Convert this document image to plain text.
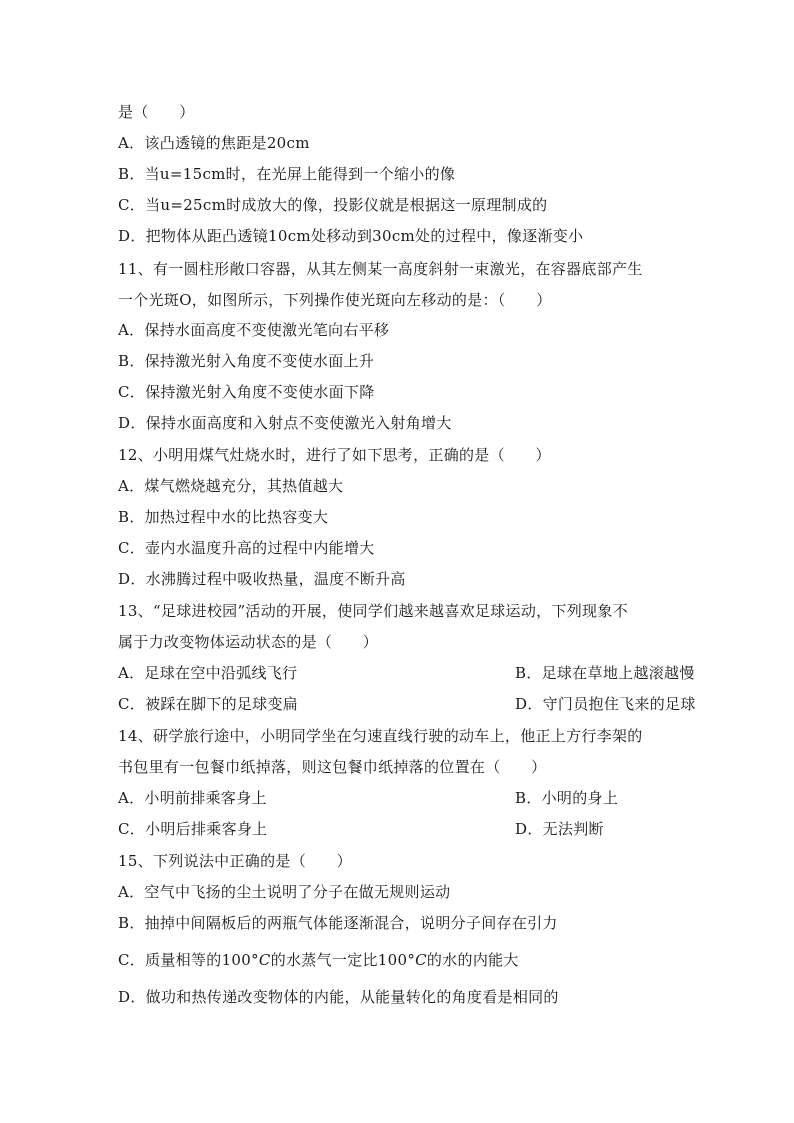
是（　　）
A．该凸透镜的焦距是20cm
B．当u=15cm时，在光屏上能得到一个缩小的像
C．当u=25cm时成放大的像，投影仪就是根据这一原理制成的
D．把物体从距凸透镜10cm处移动到30cm处的过程中，像逐渐变小
11、有一圆柱形敞口容器，从其左侧某一高度斜射一束激光，在容器底部产生
一个光斑O，如图所示，下列操作使光斑向左移动的是：（　　）
A．保持水面高度不变使激光笔向右平移
B．保持激光射入角度不变使水面上升
C．保持激光射入角度不变使水面下降
D．保持水面高度和入射点不变使激光入射角增大
12、小明用煤气灶烧水时，进行了如下思考，正确的是（　　）
A．煤气燃烧越充分，其热值越大
B．加热过程中水的比热容变大
C．壶内水温度升高的过程中内能增大
D．水沸腾过程中吸收热量，温度不断升高
13、“足球进校园”活动的开展，使同学们越来越喜欢足球运动，下列现象不
属于力改变物体运动状态的是（　　）
A．足球在空中沿弧线飞行	B．足球在草地上越滚越慢
C．被踩在脚下的足球变扁	D．守门员抱住飞来的足球
14、研学旅行途中，小明同学坐在匀速直线行驶的动车上，他正上方行李架的
书包里有一包餐巾纸掉落，则这包餐巾纸掉落的位置在（　　）
A．小明前排乘客身上	B．小明的身上
C．小明后排乘客身上	D．无法判断
15、下列说法中正确的是（　　）
A．空气中飞扬的尘土说明了分子在做无规则运动
B．抽掉中间隔板后的两瓶气体能逐渐混合，说明分子间存在引力
C．质量相等的100°C的水蒸气一定比100°C的水的内能大
D．做功和热传递改变物体的内能，从能量转化的角度看是相同的
